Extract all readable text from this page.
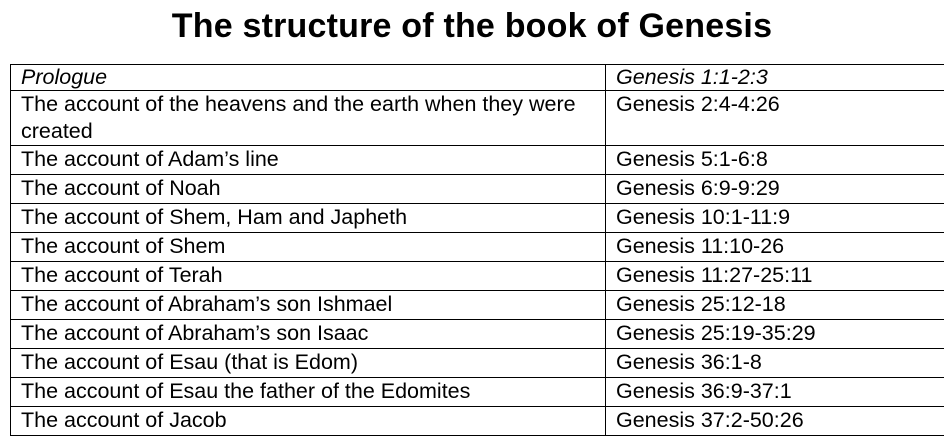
The structure of the book of Genesis
Prologue	Genesis 1:1-2:3
The account of the heavens and the earth when they were created	Genesis 2:4-4:26
The account of Adam’s line	Genesis 5:1-6:8
The account of Noah	Genesis 6:9-9:29
The account of Shem, Ham and Japheth	Genesis 10:1-11:9
The account of Shem	Genesis 11:10-26
The account of Terah	Genesis 11:27-25:11
The account of Abraham’s son Ishmael	Genesis 25:12-18
The account of Abraham’s son Isaac	Genesis 25:19-35:29
The account of Esau (that is Edom)	Genesis 36:1-8
The account of Esau the father of the Edomites	Genesis 36:9-37:1
The account of Jacob	Genesis 37:2-50:26
